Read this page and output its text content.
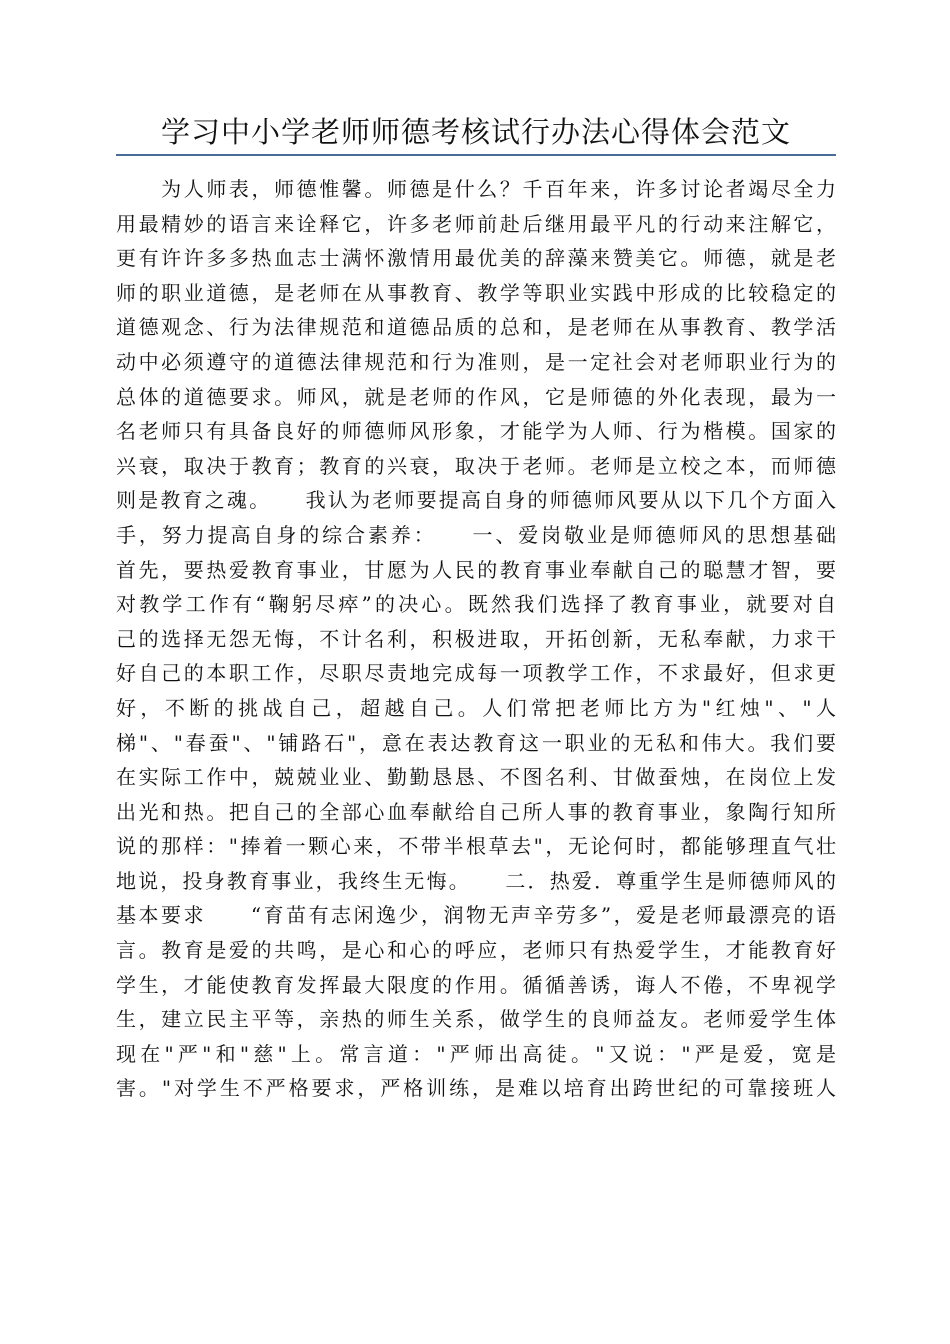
学习中小学老师师德考核试行办法心得体会范文
　　为人师表，师德惟馨。师德是什么？千百年来，许多讨论者竭尽全力
用最精妙的语言来诠释它，许多老师前赴后继用最平凡的行动来注解它，
更有许许多多热血志士满怀激情用最优美的辞藻来赞美它。师德，就是老
师的职业道德，是老师在从事教育、教学等职业实践中形成的比较稳定的
道德观念、行为法律规范和道德品质的总和，是老师在从事教育、教学活
动中必须遵守的道德法律规范和行为准则，是一定社会对老师职业行为的
总体的道德要求。师风，就是老师的作风，它是师德的外化表现，最为一
名老师只有具备良好的师德师风形象，才能学为人师、行为楷模。国家的
兴衰，取决于教育；教育的兴衰，取决于老师。老师是立校之本，而师德
则是教育之魂。　　我认为老师要提高自身的师德师风要从以下几个方面入
手，努力提高自身的综合素养：　　一、爱岗敬业是师德师风的思想基础
首先，要热爱教育事业，甘愿为人民的教育事业奉献自己的聪慧才智，要
对教学工作有“鞠躬尽瘁”的决心。既然我们选择了教育事业，就要对自
己的选择无怨无悔，不计名利，积极进取，开拓创新，无私奉献，力求干
好自己的本职工作，尽职尽责地完成每一项教学工作，不求最好，但求更
好，不断的挑战自己，超越自己。人们常把老师比方为"红烛"、"人
梯"、"春蚕"、"铺路石"，意在表达教育这一职业的无私和伟大。我们要
在实际工作中，兢兢业业、勤勤恳恳、不图名利、甘做蚕烛，在岗位上发
出光和热。把自己的全部心血奉献给自己所人事的教育事业，象陶行知所
说的那样："捧着一颗心来，不带半根草去"，无论何时，都能够理直气壮
地说，投身教育事业，我终生无悔。　　二．热爱．尊重学生是师德师风的
基本要求　　“育苗有志闲逸少，润物无声辛劳多”，爱是老师最漂亮的语
言。教育是爱的共鸣，是心和心的呼应，老师只有热爱学生，才能教育好
学生，才能使教育发挥最大限度的作用。循循善诱，诲人不倦，不卑视学
生，建立民主平等，亲热的师生关系，做学生的良师益友。老师爱学生体
现在"严"和"慈"上。常言道："严师出高徒。"又说："严是爱，宽是
害。"对学生不严格要求，严格训练，是难以培育出跨世纪的可靠接班人
